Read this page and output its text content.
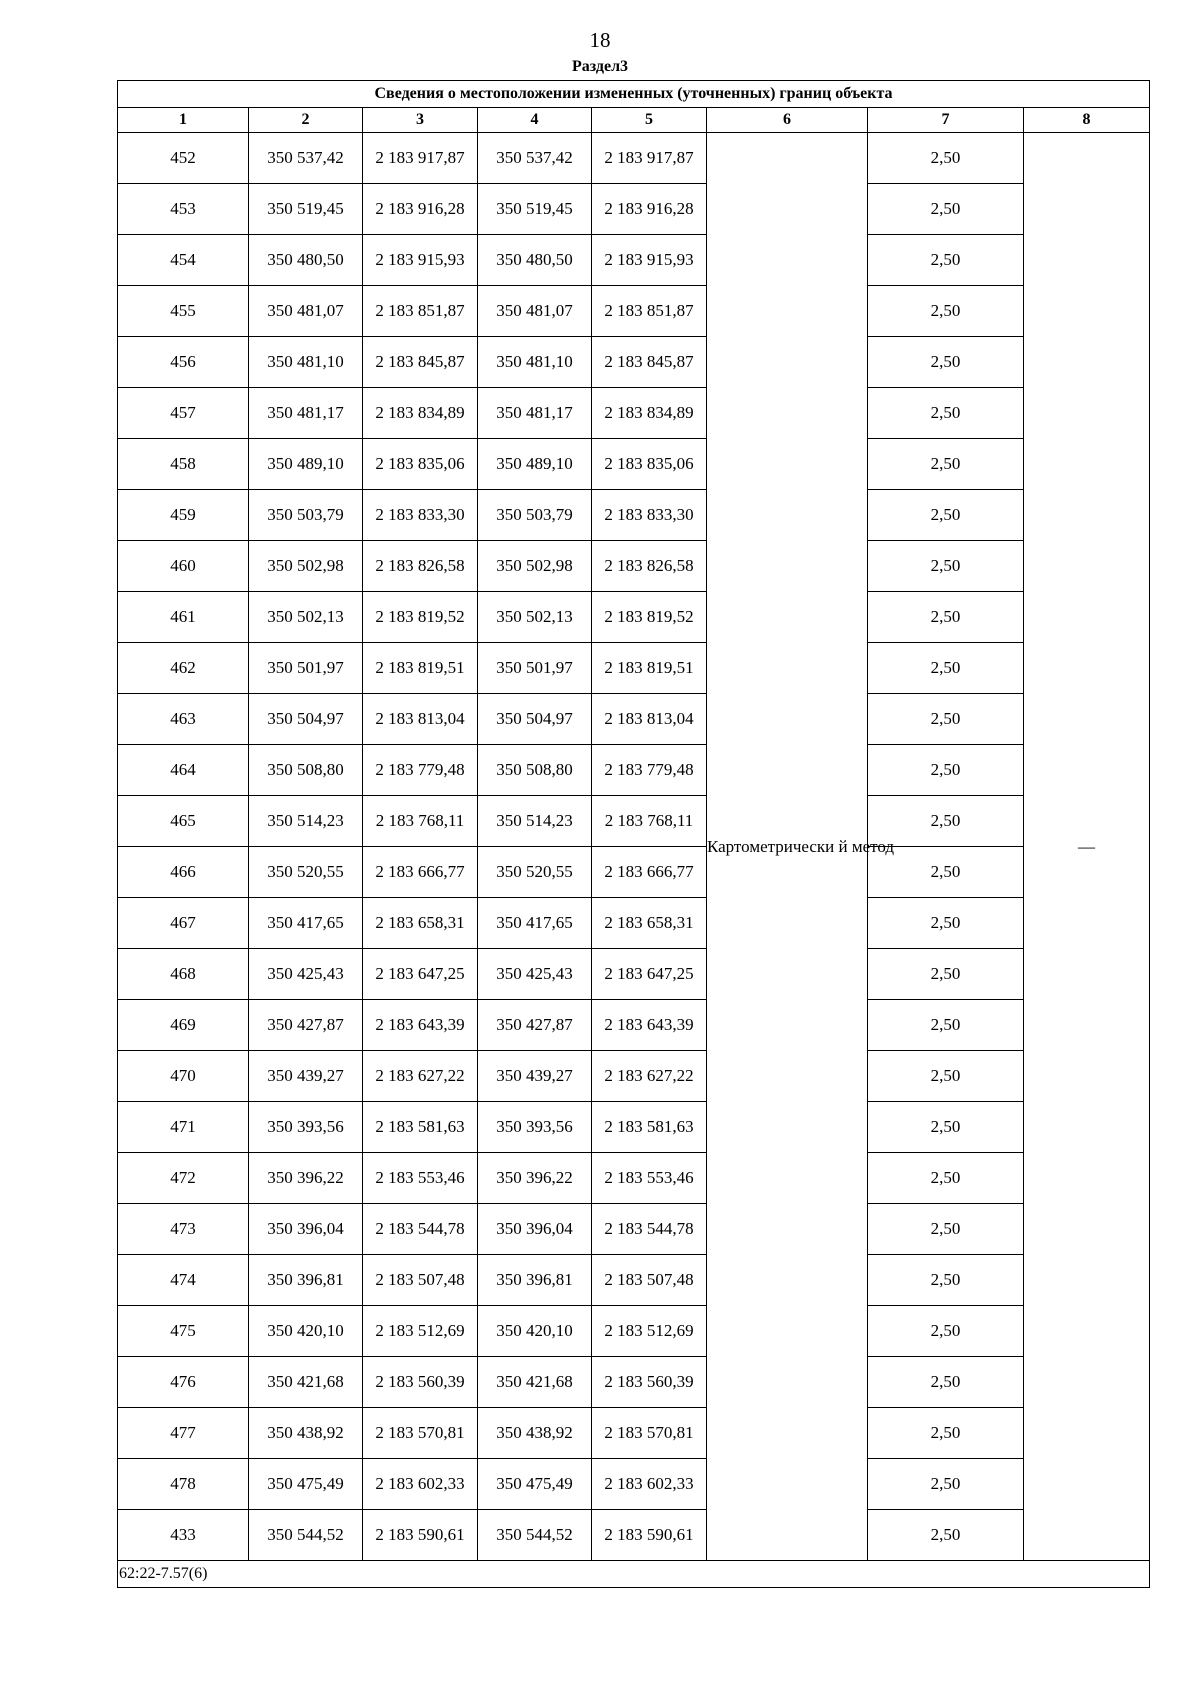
18
Раздел3
Сведения о местоположении измененных (уточненных) границ объекта							
1	2	3	4	5	6	7	8
452	350 537,42	2 183 917,87	350 537,42	2 183 917,87	Картометрически й метод	2,50	—
453	350 519,45	2 183 916,28	350 519,45	2 183 916,28		2,50	
454	350 480,50	2 183 915,93	350 480,50	2 183 915,93		2,50	
455	350 481,07	2 183 851,87	350 481,07	2 183 851,87		2,50	
456	350 481,10	2 183 845,87	350 481,10	2 183 845,87		2,50	
457	350 481,17	2 183 834,89	350 481,17	2 183 834,89		2,50	
458	350 489,10	2 183 835,06	350 489,10	2 183 835,06		2,50	
459	350 503,79	2 183 833,30	350 503,79	2 183 833,30		2,50	
460	350 502,98	2 183 826,58	350 502,98	2 183 826,58		2,50	
461	350 502,13	2 183 819,52	350 502,13	2 183 819,52		2,50	
462	350 501,97	2 183 819,51	350 501,97	2 183 819,51		2,50	
463	350 504,97	2 183 813,04	350 504,97	2 183 813,04		2,50	
464	350 508,80	2 183 779,48	350 508,80	2 183 779,48		2,50	
465	350 514,23	2 183 768,11	350 514,23	2 183 768,11		2,50	
466	350 520,55	2 183 666,77	350 520,55	2 183 666,77		2,50	
467	350 417,65	2 183 658,31	350 417,65	2 183 658,31		2,50	
468	350 425,43	2 183 647,25	350 425,43	2 183 647,25		2,50	
469	350 427,87	2 183 643,39	350 427,87	2 183 643,39		2,50	
470	350 439,27	2 183 627,22	350 439,27	2 183 627,22		2,50	
471	350 393,56	2 183 581,63	350 393,56	2 183 581,63		2,50	
472	350 396,22	2 183 553,46	350 396,22	2 183 553,46		2,50	
473	350 396,04	2 183 544,78	350 396,04	2 183 544,78		2,50	
474	350 396,81	2 183 507,48	350 396,81	2 183 507,48		2,50	
475	350 420,10	2 183 512,69	350 420,10	2 183 512,69		2,50	
476	350 421,68	2 183 560,39	350 421,68	2 183 560,39		2,50	
477	350 438,92	2 183 570,81	350 438,92	2 183 570,81		2,50	
478	350 475,49	2 183 602,33	350 475,49	2 183 602,33		2,50	
433	350 544,52	2 183 590,61	350 544,52	2 183 590,61		2,50	
62:22-7.57(6)							
